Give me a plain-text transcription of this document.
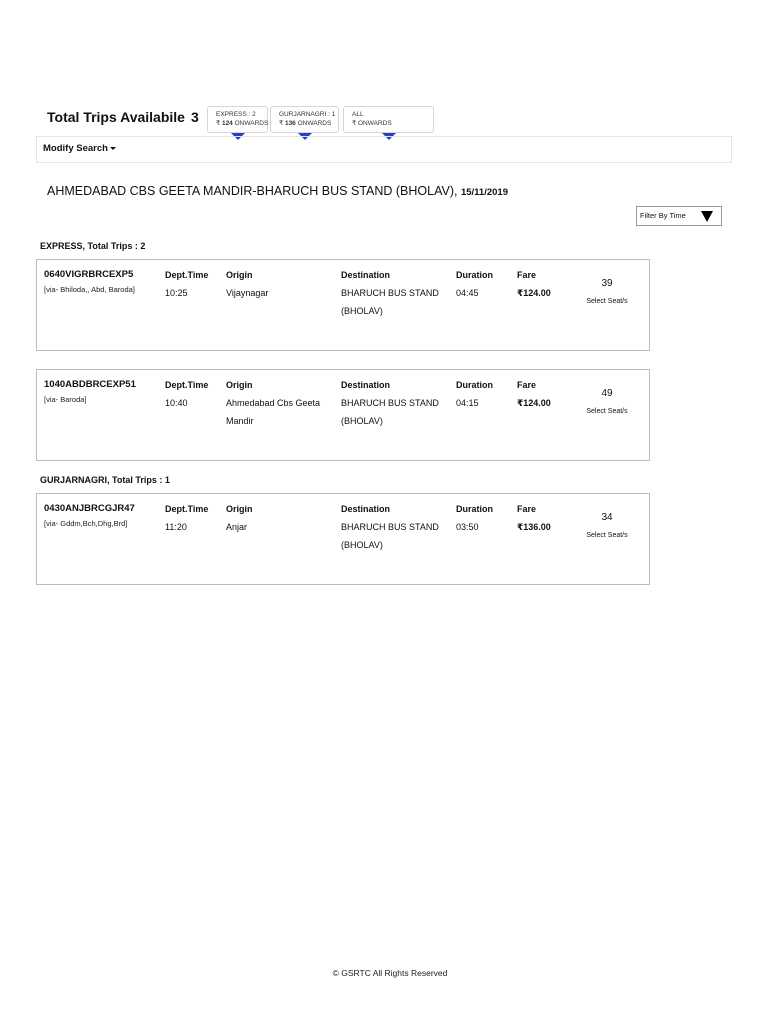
Total Trips Availabile 3	EXPRESS : 2
₹ 124 ONWARDS
GURJARNAGRI : 1
₹ 136 ONWARDS
ALL
₹ ONWARDS
Modify Search
AHMEDABAD CBS GEETA MANDIR-BHARUCH BUS STAND (BHOLAV), 15/11/2019
Filter By Time
EXPRESS, Total Trips : 2
0640VIGRBRCEXP5
[via- Bhiloda,, Abd, Baroda]
Dept.Time
10:25
Origin
Vijaynagar
Destination
BHARUCH BUS STAND (BHOLAV)
Duration
04:45
Fare
₹124.00
39
Select Seat/s
1040ABDBRCEXP51
[via- Baroda]
Dept.Time
10:40
Origin
Ahmedabad Cbs Geeta Mandir
Destination
BHARUCH BUS STAND (BHOLAV)
Duration
04:15
Fare
₹124.00
49
Select Seat/s
GURJARNAGRI, Total Trips : 1
0430ANJBRCGJR47
[via- Gddm,Bch,Dhg,Brd]
Dept.Time
11:20
Origin
Anjar
Destination
BHARUCH BUS STAND (BHOLAV)
Duration
03:50
Fare
₹136.00
34
Select Seat/s
© GSRTC All Rights Reserved
